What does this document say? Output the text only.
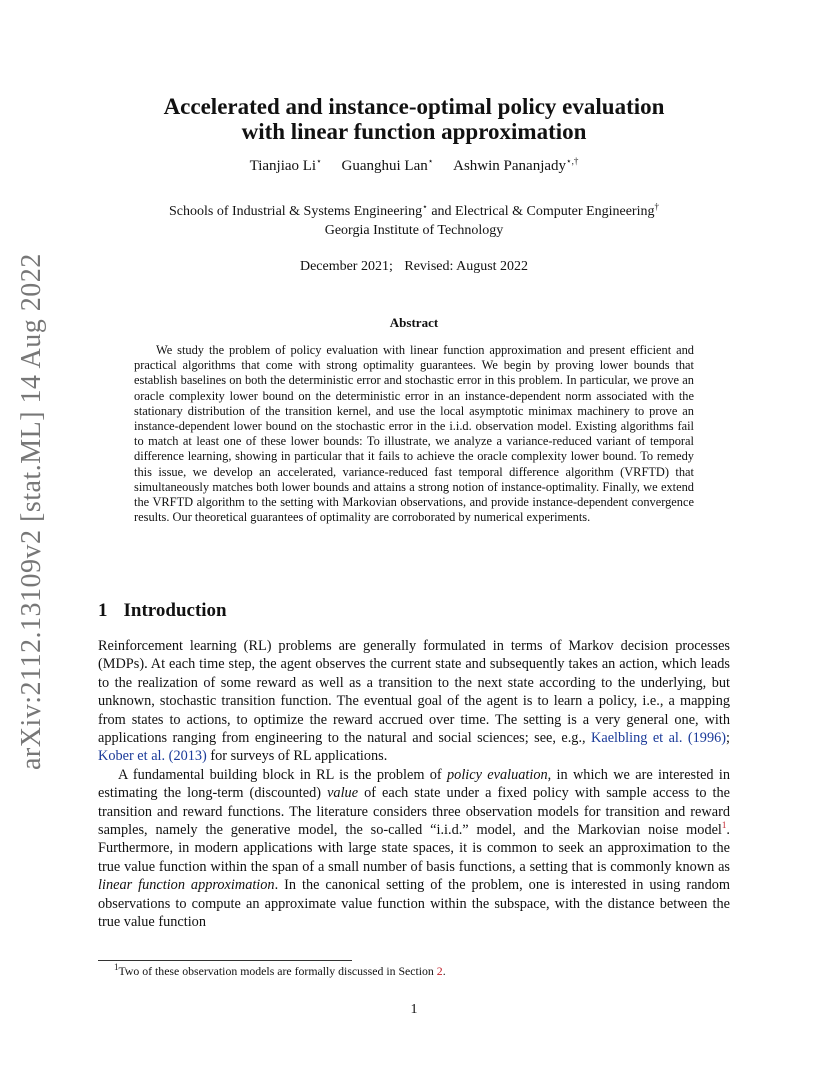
arXiv:2112.13109v2 [stat.ML] 14 Aug 2022
Accelerated and instance-optimal policy evaluation
with linear function approximation
Tianjiao Li⋆ Guanghui Lan⋆ Ashwin Pananjady⋆,†
Schools of Industrial & Systems Engineering⋆ and Electrical & Computer Engineering†
Georgia Institute of Technology
December 2021; Revised: August 2022
Abstract
We study the problem of policy evaluation with linear function approximation and present efficient and practical algorithms that come with strong optimality guarantees. We begin by proving lower bounds that establish baselines on both the deterministic error and stochastic error in this problem. In particular, we prove an oracle complexity lower bound on the deterministic error in an instance-dependent norm associated with the stationary distribution of the transition kernel, and use the local asymptotic minimax machinery to prove an instance-dependent lower bound on the stochastic error in the i.i.d. observation model. Existing algorithms fail to match at least one of these lower bounds: To illustrate, we analyze a variance-reduced variant of temporal difference learning, showing in particular that it fails to achieve the oracle complexity lower bound. To remedy this issue, we develop an accelerated, variance-reduced fast temporal difference algorithm (VRFTD) that simultaneously matches both lower bounds and attains a strong notion of instance-optimality. Finally, we extend the VRFTD algorithm to the setting with Markovian observations, and provide instance-dependent convergence results. Our theoretical guarantees of optimality are corroborated by numerical experiments.
1 Introduction

Reinforcement learning (RL) problems are generally formulated in terms of Markov decision processes (MDPs). At each time step, the agent observes the current state and subsequently takes an action, which leads to the realization of some reward as well as a transition to the next state according to the underlying, but unknown, stochastic transition function. The eventual goal of the agent is to learn a policy, i.e., a mapping from states to actions, to optimize the reward accrued over time. The setting is a very general one, with applications ranging from engineering to the natural and social sciences; see, e.g., Kaelbling et al. (1996); Kober et al. (2013) for surveys of RL applications.

A fundamental building block in RL is the problem of policy evaluation, in which we are interested in estimating the long-term (discounted) value of each state under a fixed policy with sample access to the transition and reward functions. The literature considers three observation models for transition and reward samples, namely the generative model, the so-called “i.i.d.” model, and the Markovian noise model$^1$. Furthermore, in modern applications with large state spaces, it is common to seek an approximation to the true value function within the span of a small number of basis functions, a setting that is commonly known as linear function approximation. In the canonical setting of the problem, one is interested in using random observations to compute an approximate value function within the subspace, with the distance between the true value function

$^1$Two of these observation models are formally discussed in Section 2.
1
